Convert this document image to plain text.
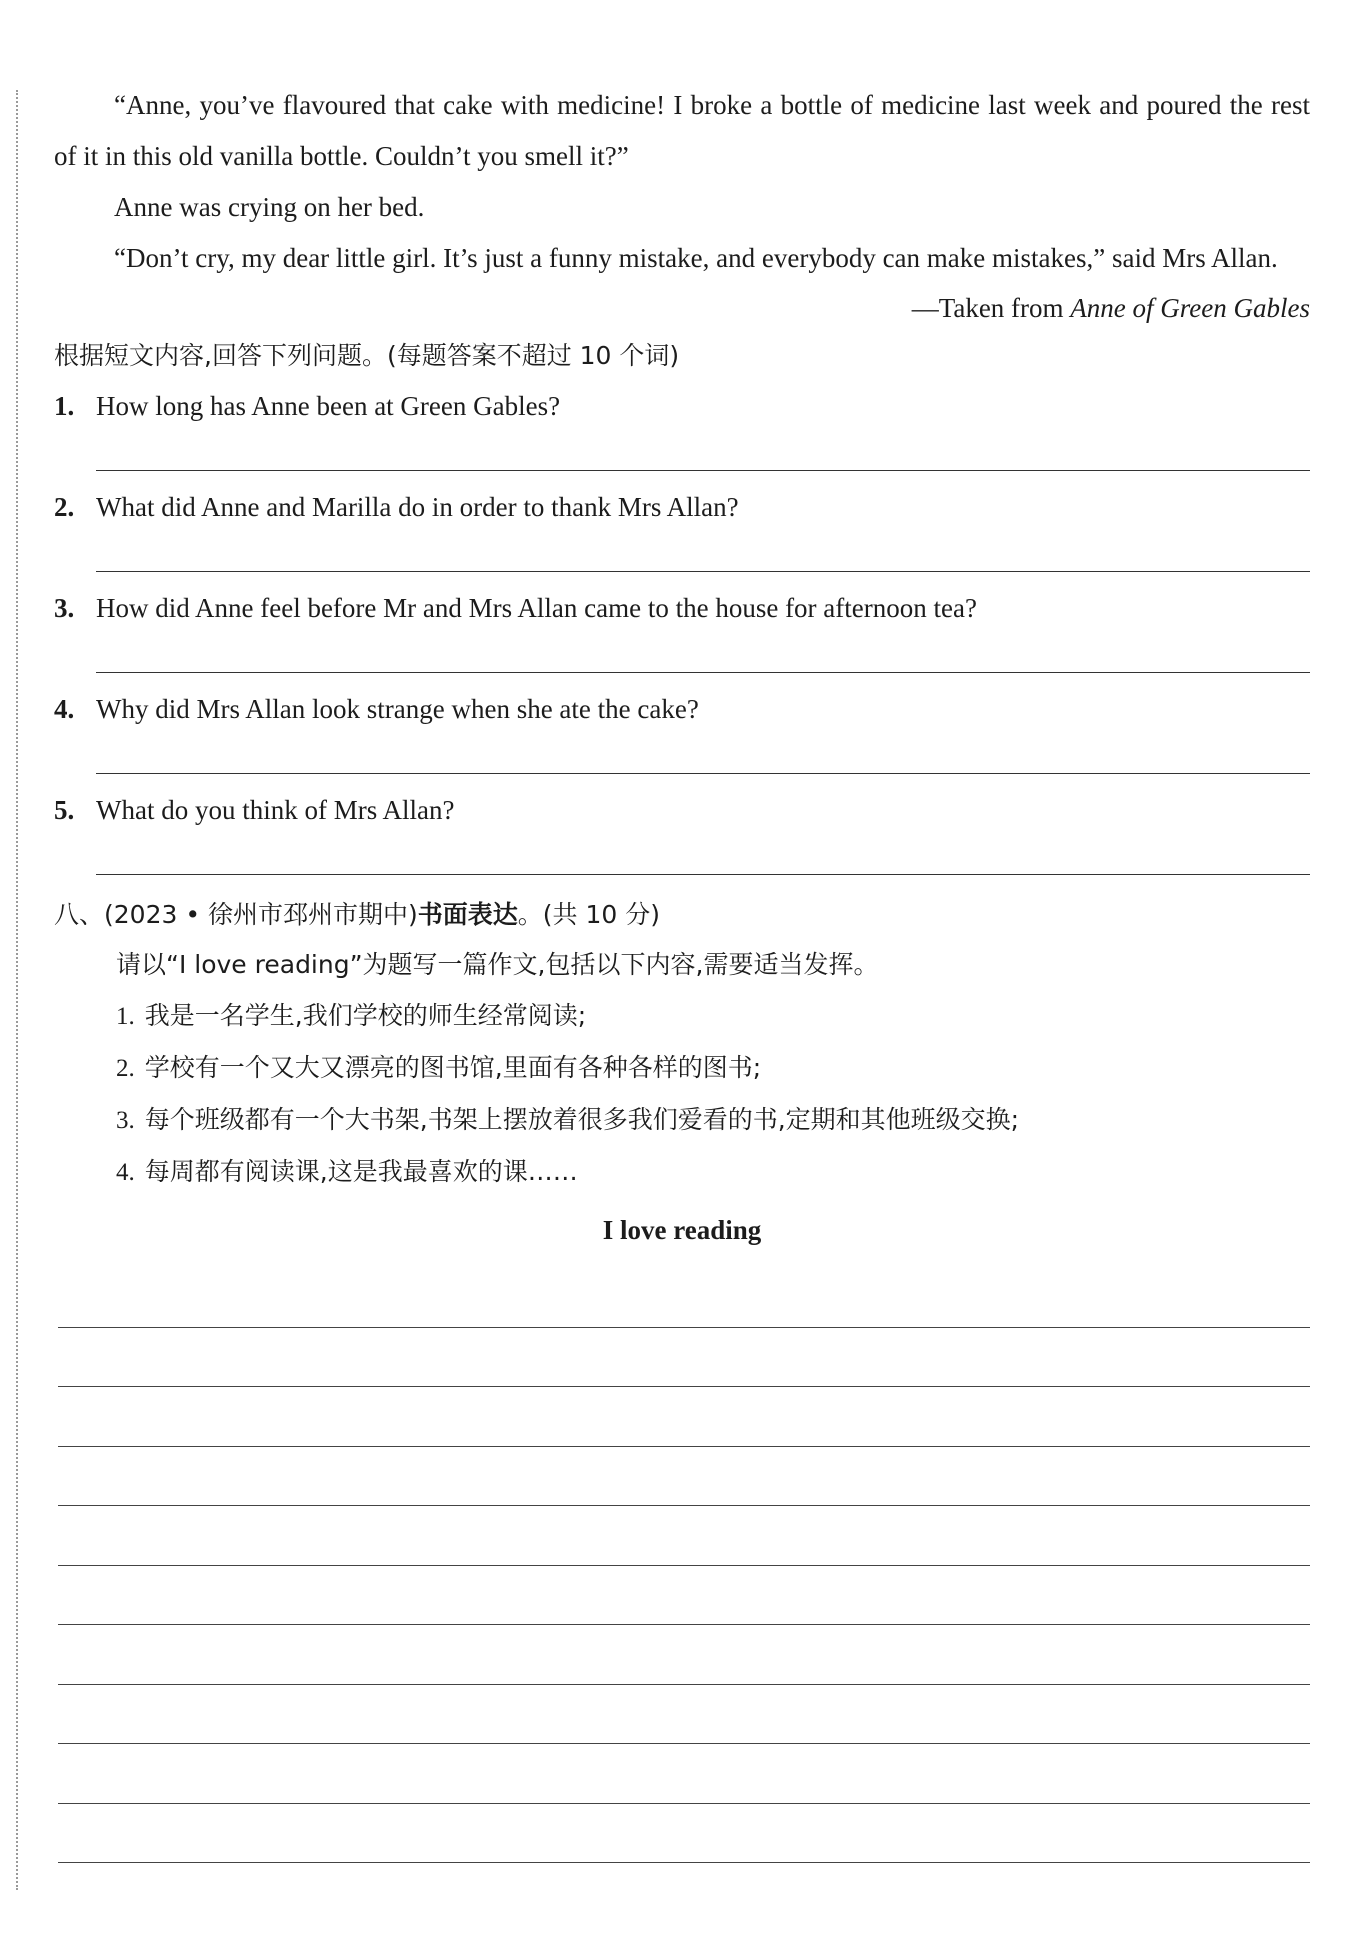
“Anne, you’ve flavoured that cake with medicine! I broke a bottle of medicine last week and poured the rest of it in this old vanilla bottle. Couldn’t you smell it?”

Anne was crying on her bed.

“Don’t cry, my dear little girl. It’s just a funny mistake, and everybody can make mistakes,” said Mrs Allan.

—Taken from Anne of Green Gables

根据短文内容,回答下列问题。(每题答案不超过 10 个词)

1. How long has Anne been at Green Gables?

2. What did Anne and Marilla do in order to thank Mrs Allan?

3. How did Anne feel before Mr and Mrs Allan came to the house for afternoon tea?

4. Why did Mrs Allan look strange when she ate the cake?

5. What do you think of Mrs Allan?

八、(2023 • 徐州市邳州市期中)书面表达。(共 10 分)

请以“I love reading”为题写一篇作文,包括以下内容,需要适当发挥。

1. 我是一名学生,我们学校的师生经常阅读;

2. 学校有一个又大又漂亮的图书馆,里面有各种各样的图书;

3. 每个班级都有一个大书架,书架上摆放着很多我们爱看的书,定期和其他班级交换;

4. 每周都有阅读课,这是我最喜欢的课……

I love reading
